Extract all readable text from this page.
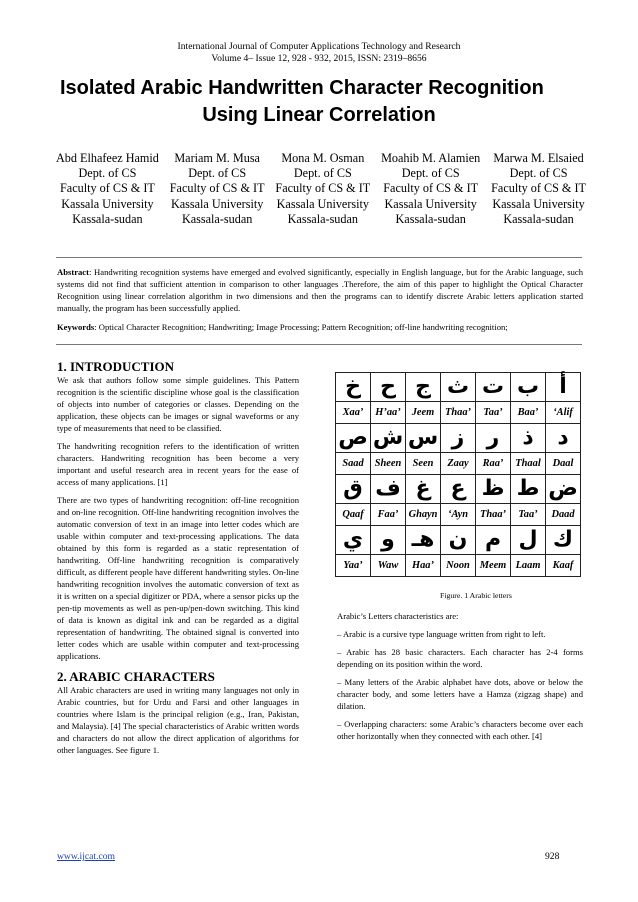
International Journal of Computer Applications Technology and Research
Volume 4– Issue 12, 928 - 932, 2015, ISSN: 2319–8656
Isolated Arabic Handwritten Character Recognition
Using Linear Correlation
Abd Elhafeez Hamid
Dept. of CS
Faculty of CS & IT
Kassala University
Kassala-sudan
Mariam M. Musa
Dept. of CS
Faculty of CS & IT
Kassala University
Kassala-sudan
Mona M. Osman
Dept. of CS
Faculty of CS & IT
Kassala University
Kassala-sudan
Moahib M. Alamien
Dept. of CS
Faculty of CS & IT
Kassala University
Kassala-sudan
Marwa M. Elsaied
Dept. of CS
Faculty of CS & IT
Kassala University
Kassala-sudan
Abstract: Handwriting recognition systems have emerged and evolved significantly, especially in English language, but for the Arabic language, such systems did not find that sufficient attention in comparison to other languages .Therefore, the aim of this paper to highlight the Optical Character Recognition using linear correlation algorithm in two dimensions and then the programs can to identify discrete Arabic letters application started manually, the program has been successfully applied.
Keywords: Optical Character Recognition; Handwriting; Image Processing; Pattern Recognition; off-line handwriting recognition;
1. INTRODUCTION

We ask that authors follow some simple guidelines. This Pattern recognition is the scientific discipline whose goal is the classification of objects into number of categories or classes. Depending on the application, these objects can be images or signal waveforms or any type of measurements that need to be classified.

The handwriting recognition refers to the identification of written characters. Handwriting recognition has been become a very important and useful research area in recent years for the ease of access of many applications. [1]

There are two types of handwriting recognition: off-line recognition and on-line recognition. Off-line handwriting recognition involves the automatic conversion of text in an image into letter codes which are usable within computer and text-processing applications. The data obtained by this form is regarded as a static representation of handwriting. Off-line handwriting recognition is comparatively difficult, as different people have different handwriting styles. On-line handwriting recognition involves the automatic conversion of text as it is written on a special digitizer or PDA, where a sensor picks up the pen-tip movements as well as pen-up/pen-down switching. This kind of data is known as digital ink and can be regarded as a digital representation of handwriting. The obtained signal is converted into letter codes which are usable within computer and text-processing applications.

2. ARABIC CHARACTERS

All Arabic characters are used in writing many languages not only in Arabic countries, but for Urdu and Farsi and other languages in countries where Islam is the principal religion (e.g., Iran, Pakistan, and Malaysia). [4] The special characteristics of Arabic written words and characters do not allow the direct application of algorithms for other languages. See figure 1.

خ	ح	ج	ث	ت	ب	أ
Xaa’	H’aa’	Jeem	Thaa’	Taa’	Baa’	‘Alif
ص	ش	س	ز	ر	ذ	د
Saad	Sheen	Seen	Zaay	Raa’	Thaal	Daal
ق	ف	غ	ع	ظ	ط	ض
Qaaf	Faa’	Ghayn	‘Ayn	Thaa’	Taa’	Daad
ي	و	هـ	ن	م	ل	ك
Yaa’	Waw	Haa’	Noon	Meem	Laam	Kaaf
Figure. 1 Arabic letters

Arabic’s Letters characteristics are:

– Arabic is a cursive type language written from right to left.

– Arabic has 28 basic characters. Each character has 2-4 forms depending on its position within the word.

– Many letters of the Arabic alphabet have dots, above or below the character body, and some letters have a Hamza (zigzag shape) and dilation.

– Overlapping characters: some Arabic’s characters become over each other horizontally when they connected with each other. [4]

www.ijcat.com	928
